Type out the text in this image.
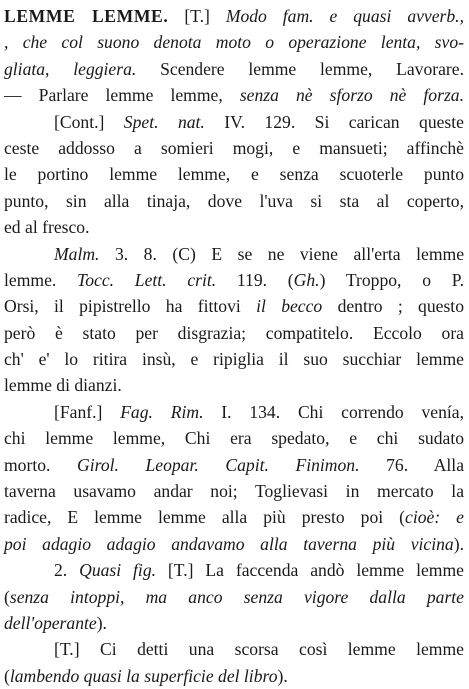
LEMME LEMME. [T.] Modo fam. e quasi avverb.,
, che col suono denota moto o operazione lenta, svo-
gliata, leggiera. Scendere lemme lemme, Lavorare.
— Parlare lemme lemme, senza nè sforzo nè forza.
[Cont.] Spet. nat. IV. 129. Si carican queste
ceste addosso a somieri mogi, e mansueti; affinchè
le portino lemme lemme, e senza scuoterle punto
punto, sin alla tinaja, dove l'uva si sta al coperto,
ed al fresco.
Malm. 3. 8. (C) E se ne viene all'erta lemme
lemme. Tocc. Lett. crit. 119. (Gh.) Troppo, o P.
Orsi, il pipistrello ha fittovi il becco dentro ; questo
però è stato per disgrazia; compatitelo. Eccolo ora
ch' e' lo ritira insù, e ripiglia il suo succhiar lemme
lemme di dianzi.
[Fanf.] Fag. Rim. I. 134. Chi correndo venía,
chi lemme lemme, Chi era spedato, e chi sudato
morto. Girol. Leopar. Capit. Finimon. 76. Alla
taverna usavamo andar noi; Toglievasi in mercato la
radice, E lemme lemme alla più presto poi (cioè: e
poi adagio adagio andavamo alla taverna più vicina).
2. Quasi fig. [T.] La faccenda andò lemme lemme
(senza intoppi, ma anco senza vigore dalla parte
dell'operante).
[T.] Ci detti una scorsa così lemme lemme
(lambendo quasi la superficie del libro).
